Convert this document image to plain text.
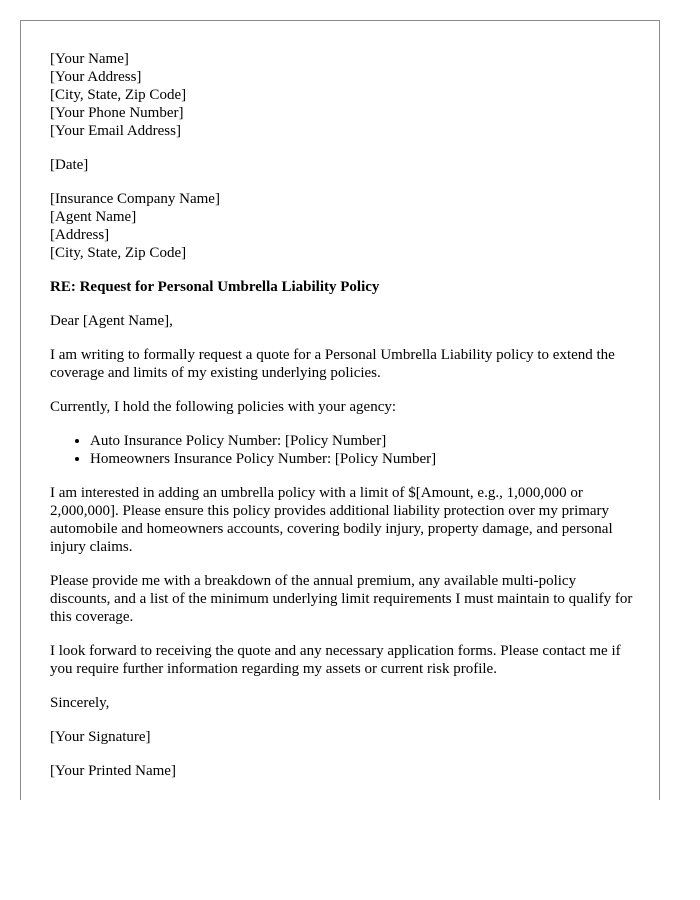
[Your Name]
[Your Address]
[City, State, Zip Code]
[Your Phone Number]
[Your Email Address]
[Date]
[Insurance Company Name]
[Agent Name]
[Address]
[City, State, Zip Code]

RE: Request for Personal Umbrella Liability Policy

Dear [Agent Name],

I am writing to formally request a quote for a Personal Umbrella Liability policy to extend the coverage and limits of my existing underlying policies.

Currently, I hold the following policies with your agency:

• Auto Insurance Policy Number: [Policy Number]
• Homeowners Insurance Policy Number: [Policy Number]

I am interested in adding an umbrella policy with a limit of $[Amount, e.g., 1,000,000 or 2,000,000]. Please ensure this policy provides additional liability protection over my primary automobile and homeowners accounts, covering bodily injury, property damage, and personal injury claims.

Please provide me with a breakdown of the annual premium, any available multi-policy discounts, and a list of the minimum underlying limit requirements I must maintain to qualify for this coverage.

I look forward to receiving the quote and any necessary application forms. Please contact me if you require further information regarding my assets or current risk profile.

Sincerely,

[Your Signature]

[Your Printed Name]
